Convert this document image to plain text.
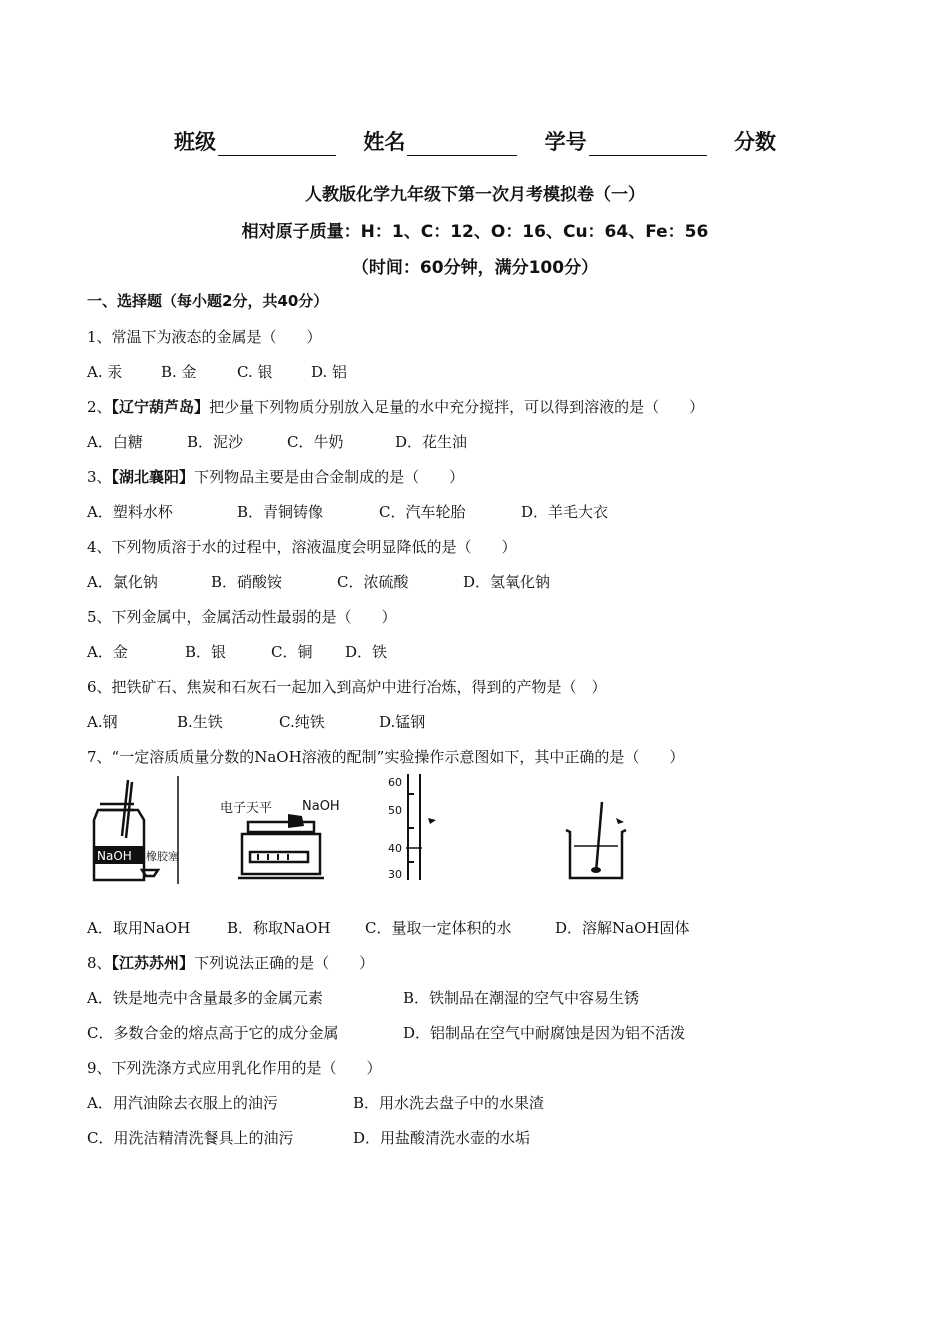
班级	姓名	学号	分数
人教版化学九年级下第一次月考模拟卷（一）
相对原子质量：H：1、C：12、O：16、Cu：64、Fe：56
（时间：60分钟，满分100分）
一、选择题（每小题2分，共40分）
1、常温下为液态的金属是（　　）
A. 汞	B. 金	C. 银	D. 铝
2、【辽宁葫芦岛】把少量下列物质分别放入足量的水中充分搅拌，可以得到溶液的是（　　）
A．白糖	B．泥沙	C．牛奶	D．花生油
3、【湖北襄阳】下列物品主要是由合金制成的是（　　）
A．塑料水杯	B．青铜铸像	C．汽车轮胎	D．羊毛大衣
4、下列物质溶于水的过程中，溶液温度会明显降低的是（　　）
A．氯化钠	B．硝酸铵	C．浓硫酸	D．氢氧化钠
5、下列金属中，金属活动性最弱的是（　　）
A．金	B．银	C．铜 D．铁
6、把铁矿石、焦炭和石灰石一起加入到高炉中进行冶炼，得到的产物是（　）
A.钢	B.生铁	C.纯铁	D.锰钢
7、“一定溶质质量分数的NaOH溶液的配制”实验操作示意图如下，其中正确的是（　　）
NaOH 橡胶塞
电子天平 NaOH
60
50
40
30
A．取用NaOH B．称取NaOH C．量取一定体积的水	D．溶解NaOH固体
8、【江苏苏州】下列说法正确的是（　　）
A．铁是地壳中含量最多的金属元素	B．铁制品在潮湿的空气中容易生锈
C．多数合金的熔点高于它的成分金属	D．铝制品在空气中耐腐蚀是因为铝不活泼
9、下列洗涤方式应用乳化作用的是（　　）
A．用汽油除去衣服上的油污	B．用水洗去盘子中的水果渣
C．用洗洁精清洗餐具上的油污	D．用盐酸清洗水壶的水垢
